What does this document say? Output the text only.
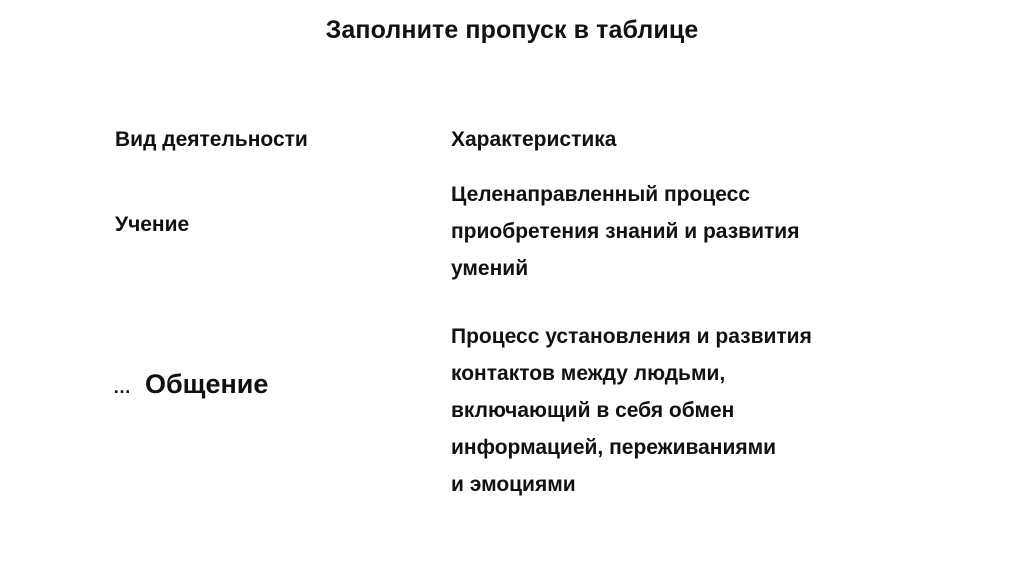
Заполните пропуск в таблице
Вид деятельности	Характеристика
Учение
Целенаправленный процесс
приобретения знаний и развития
умений
… Общение
Процесс установления и развития
контактов между людьми,
включающий в себя обмен
информацией, переживаниями
и эмоциями
